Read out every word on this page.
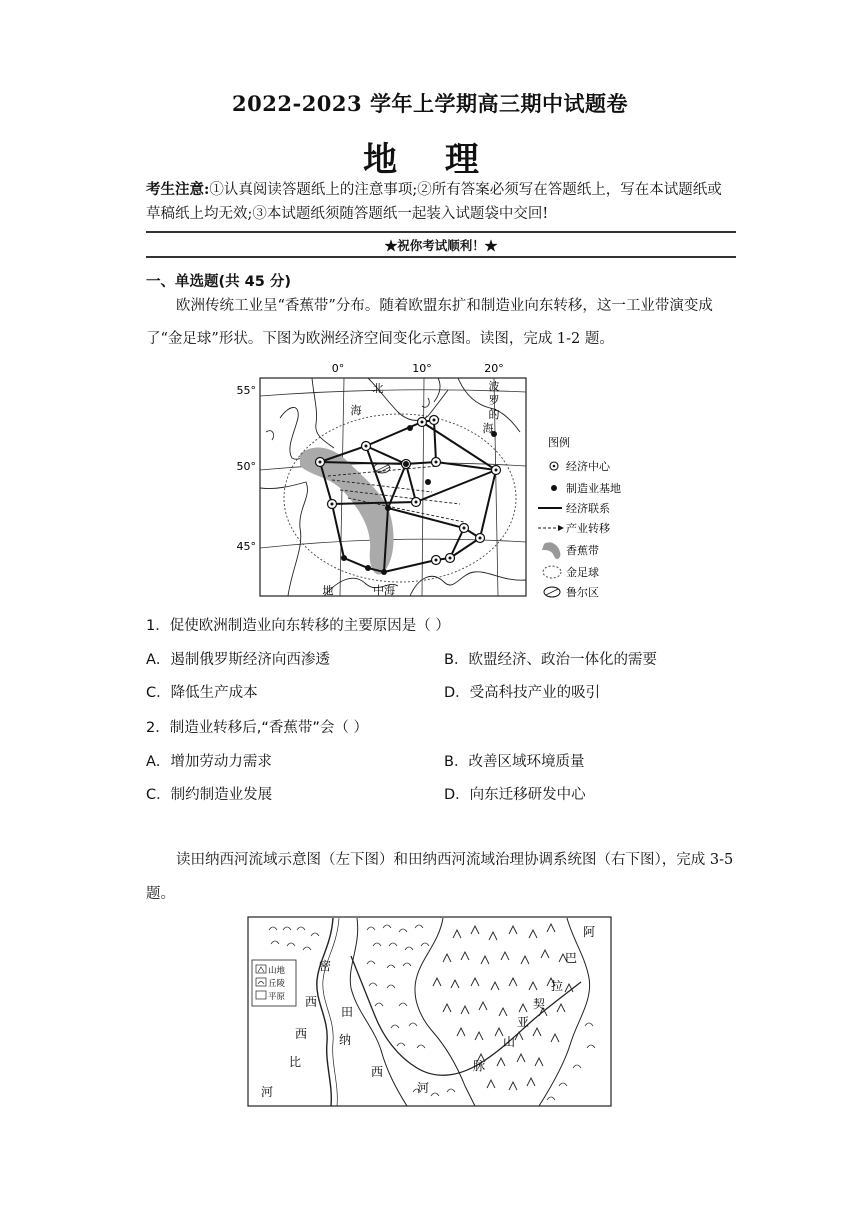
2022-2023 学年上学期高三期中试题卷
地 理
考生注意:①认真阅读答题纸上的注意事项;②所有答案必须写在答题纸上，写在本试题纸或草稿纸上均无效;③本试题纸须随答题纸一起装入试题袋中交回!
★祝你考试顺利！★
一、单选题(共 45 分)
欧洲传统工业呈“香蕉带”分布。随着欧盟东扩和制造业向东转移，这一工业带演变成了“金足球”形状。下图为欧洲经济空间变化示意图。读图，完成 1-2 题。
0°	10°	20°
55°
50°
45°
北
海
波
罗
的
海
地	中海
图例
经济中心
制造业基地
经济联系
产业转移
香蕉带
金足球
鲁尔区
1．促使欧洲制造业向东转移的主要原因是（ ）
A．遏制俄罗斯经济向西渗透	B．欧盟经济、政治一体化的需要
C．降低生产成本	D．受高科技产业的吸引
2．制造业转移后,“香蕉带”会（ ）
A．增加劳动力需求	B．改善区域环境质量
C．制约制造业发展	D．向东迁移研发中心
读田纳西河流域示意图（左下图）和田纳西河流域治理协调系统图（右下图），完成 3-5 题。
山地
丘陵
平原
密
西
西
比
河
田
纳
西
河
阿
巴
拉
契
亚
山
脉
